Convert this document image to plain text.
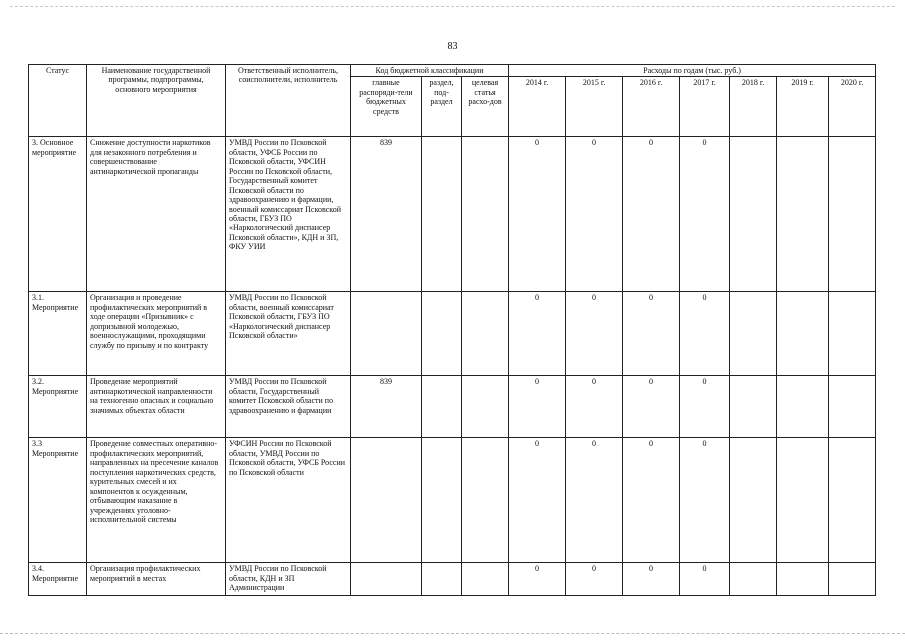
83
Статус	Наименование государственной программы, подпрограммы, основного мероприятия	Ответственный исполнитель, соисполнители, исполнитель	Код бюджетной классификации			Расходы по годам (тыс. руб.)						
			главные распоряди-тели бюджетных средств	раздел, под-раздел	целевая статья расхо-дов	2014 г.	2015 г.	2016 г.	2017 г.	2018 г.	2019 г.	2020 г.
3. Основное мероприятие	Снижение доступности наркотиков для незаконного потребления и совершенствование антинаркотической пропаганды	УМВД России по Псковской области, УФСБ России по Псковской области, УФСИН России по Псковской области, Государственный комитет Псковской области по здравоохранению и фармации, военный комиссариат Псковской области, ГБУЗ ПО «Наркологический диспансер Псковской области», КДН и ЗП, ФКУ УИИ	839			0	0	0	0			
3.1. Мероприятие	Организация и проведение профилактических мероприятий в ходе операции «Призывник» с допризывной молодежью, военнослужащими, проходящими службу по призыву и по контракту	УМВД России по Псковской области, военный комиссариат Псковской области, ГБУЗ ПО «Наркологический диспансер Псковской области»				0	0	0	0			
3.2. Мероприятие	Проведение мероприятий антинаркотической направленности на техногенно опасных и социально значимых объектах области	УМВД России по Псковской области, Государственный комитет Псковской области по здравоохранению и фармации	839			0	0	0	0			
3.3 Мероприятие	Проведение совместных оперативно-профилактических мероприятий, направленных на пресечение каналов поступления наркотических средств, курительных смесей и их компонентов к осужденным, отбывающим наказание в учреждениях уголовно-исполнительной системы	УФСИН России по Псковской области, УМВД России по Псковской области, УФСБ России по Псковской области				0	0	0	0			
3.4. Мероприятие	Организация профилактических мероприятий в местах	УМВД России по Псковской области, КДН и ЗП Администрации				0	0	0	0			
